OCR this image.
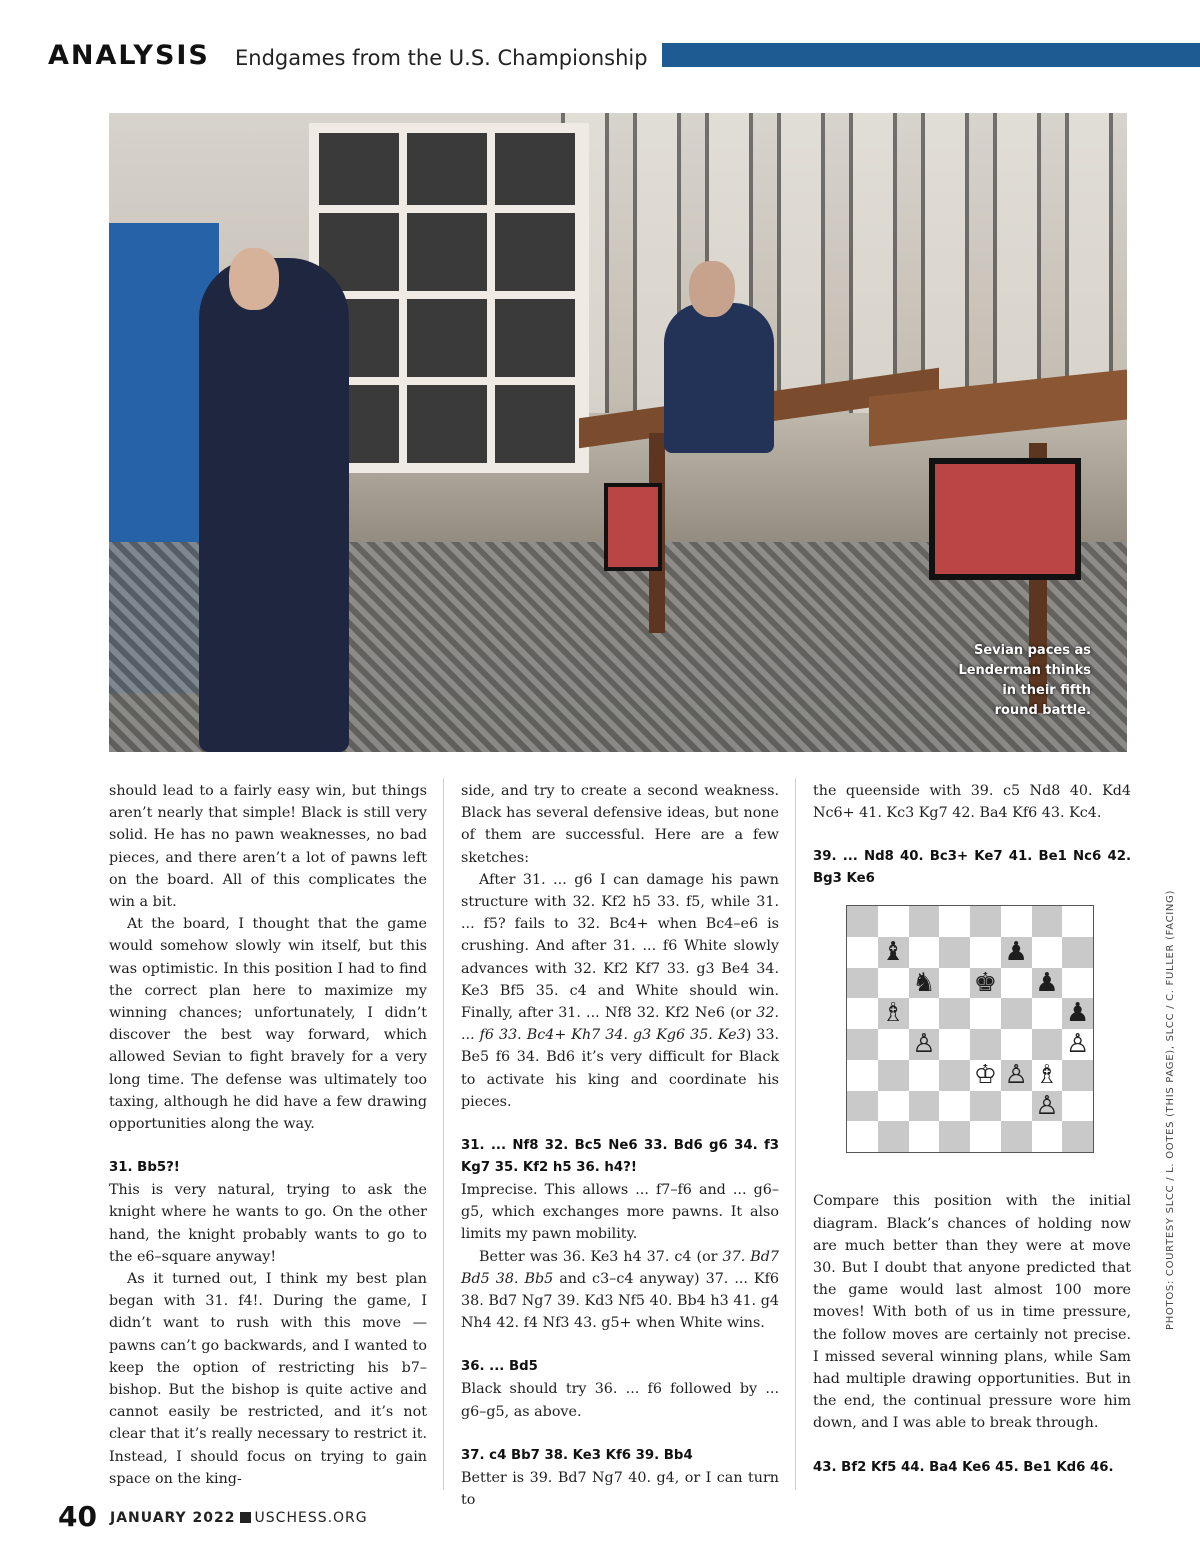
ANALYSIS Endgames from the U.S. Championship
Sevian paces as
Lenderman thinks
in their fifth
round battle.

should lead to a fairly easy win, but things aren’t nearly that simple! Black is still very solid. He has no pawn weaknesses, no bad pieces, and there aren’t a lot of pawns left on the board. All of this complicates the win a bit.

At the board, I thought that the game would somehow slowly win itself, but this was optimistic. In this position I had to find the correct plan here to maximize my winning chances; unfortunately, I didn’t discover the best way forward, which allowed Sevian to fight bravely for a very long time. The defense was ultimately too taxing, although he did have a few drawing opportunities along the way.

31. Bb5?!

This is very natural, trying to ask the knight where he wants to go. On the other hand, the knight probably wants to go to the e6–square anyway!

As it turned out, I think my best plan began with 31. f4!. During the game, I didn’t want to rush with this move — pawns can’t go backwards, and I wanted to keep the option of restricting his b7–bishop. But the bishop is quite active and cannot easily be restricted, and it’s not clear that it’s really necessary to restrict it. Instead, I should focus on trying to gain space on the king-

side, and try to create a second weakness. Black has several defensive ideas, but none of them are successful. Here are a few sketches:

After 31. ... g6 I can damage his pawn structure with 32. Kf2 h5 33. f5, while 31. ... f5? fails to 32. Bc4+ when Bc4–e6 is crushing. And after 31. ... f6 White slowly advances with 32. Kf2 Kf7 33. g3 Be4 34. Ke3 Bf5 35. c4 and White should win. Finally, after 31. ... Nf8 32. Kf2 Ne6 (or 32. ... f6 33. Bc4+ Kh7 34. g3 Kg6 35. Ke3) 33. Be5 f6 34. Bd6 it’s very difficult for Black to activate his king and coordinate his pieces.

31. ... Nf8 32. Bc5 Ne6 33. Bd6 g6 34. f3 Kg7 35. Kf2 h5 36. h4?!

Imprecise. This allows ... f7–f6 and ... g6–g5, which exchanges more pawns. It also limits my pawn mobility.

Better was 36. Ke3 h4 37. c4 (or 37. Bd7 Bd5 38. Bb5 and c3–c4 anyway) 37. ... Kf6 38. Bd7 Ng7 39. Kd3 Nf5 40. Bb4 h3 41. g4 Nh4 42. f4 Nf3 43. g5+ when White wins.

36. ... Bd5

Black should try 36. ... f6 followed by ... g6–g5, as above.

37. c4 Bb7 38. Ke3 Kf6 39. Bb4

Better is 39. Bd7 Ng7 40. g4, or I can turn to

the queenside with 39. c5 Nd8 40. Kd4 Nc6+ 41. Kc3 Kg7 42. Ba4 Kf6 43. Kc4.

39. ... Nd8 40. Bc3+ Ke7 41. Be1 Nc6 42. Bg3 Ke6

Compare this position with the initial diagram. Black’s chances of holding now are much better than they were at move 30. But I doubt that anyone predicted that the game would last almost 100 more moves! With both of us in time pressure, the follow moves are certainly not precise. I missed several winning plans, while Sam had multiple drawing opportunities. But in the end, the continual pressure wore him down, and I was able to break through.

43. Bf2 Kf5 44. Ba4 Ke6 45. Be1 Kd6 46.

♝	♟
♞ ♚ ♟
♗	♟
♙	♙
♔ ♙ ♗
♙	PHOTOS: COURTESY SLCC / L. OOTES (THIS PAGE), SLCC / C. FULLER (FACING)
40 JANUARY 2022 USCHESS.ORG
